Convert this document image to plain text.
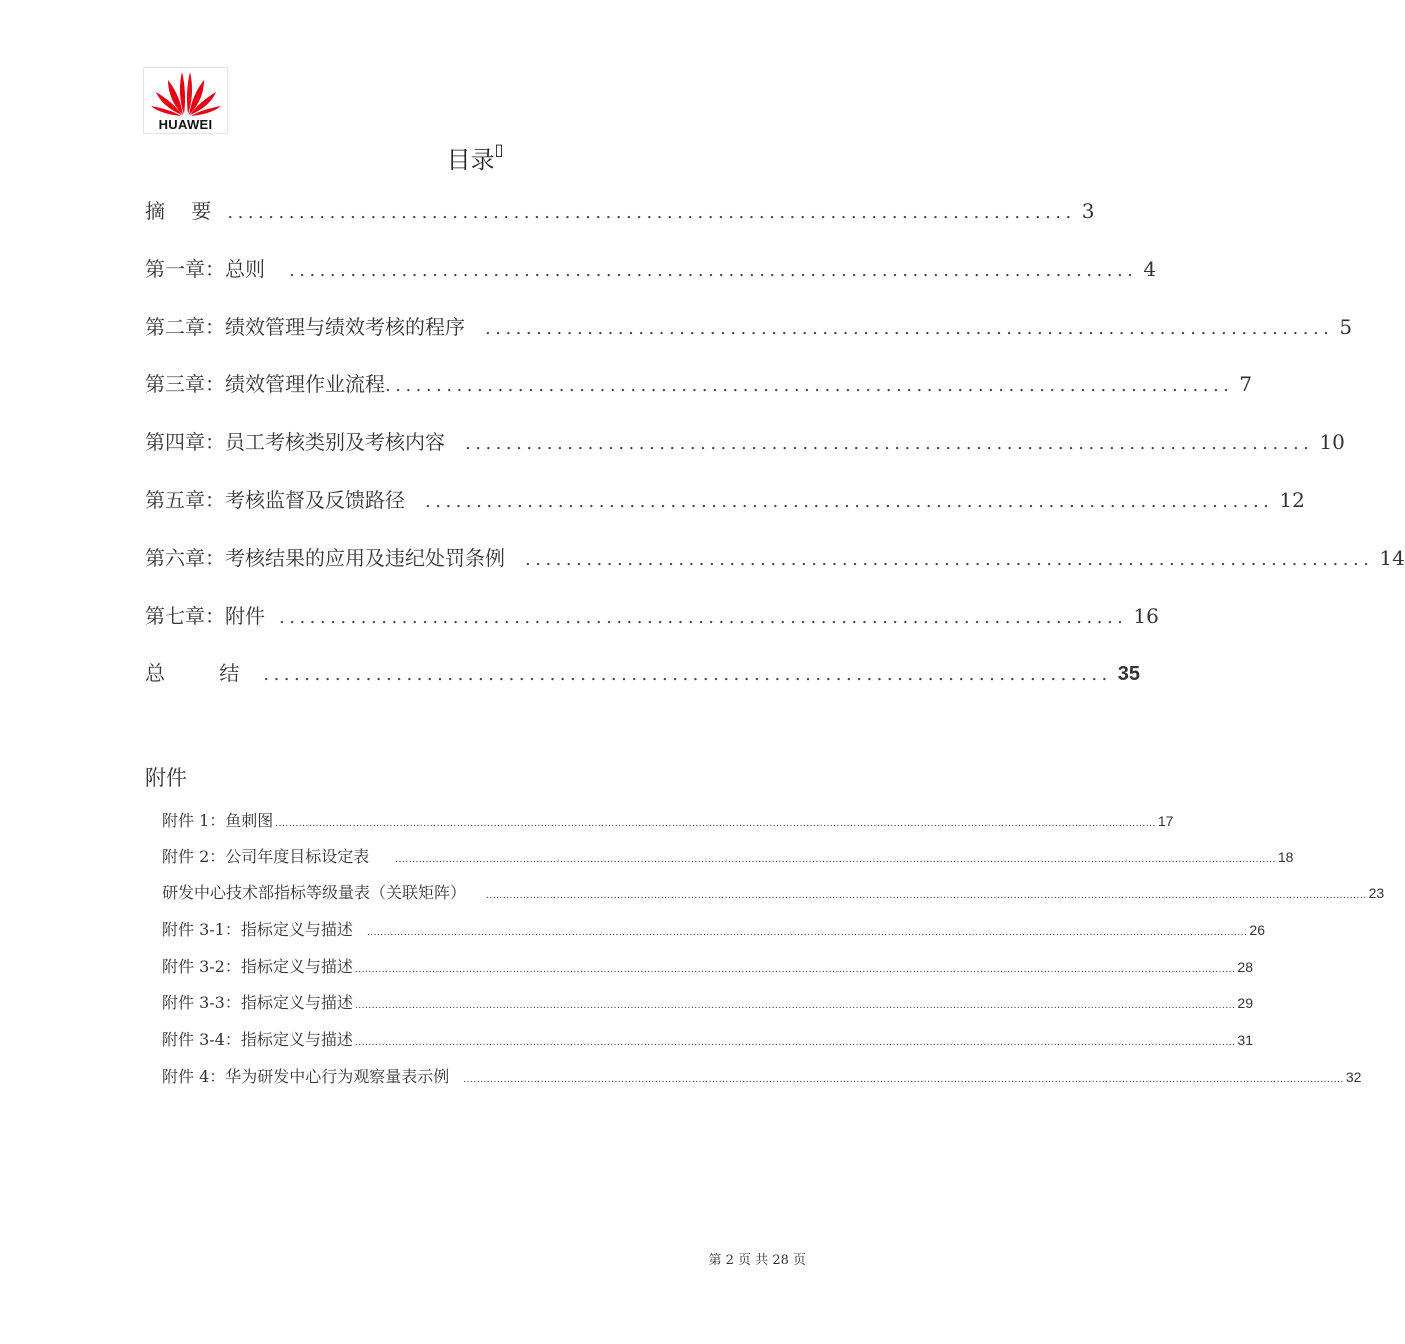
HUAWEI
目录▯
摘 要 ................................................................................... 3
第一章：总则 ................................................................................... 4
第二章：绩效管理与绩效考核的程序 ................................................................................... 5
第三章：绩效管理作业流程 ................................................................................... 7
第四章：员工考核类别及考核内容 ................................................................................... 10
第五章：考核监督及反馈路径 ................................................................................... 12
第六章：考核结果的应用及违纪处罚条例 ................................................................................... 14
第七章：附件 ................................................................................... 16
总 结 ................................................................................... 35
附件
附件 1：鱼刺图 ...................................................................................................................................................................................................................................................................... 17
附件 2：公司年度目标设定表	...................................................................................................................................................................................................................................................................... 18
研发中心技术部指标等级量表（关联矩阵） ...................................................................................................................................................................................................................................................................... 23
附件 3-1：指标定义与描述 ...................................................................................................................................................................................................................................................................... 26
附件 3-2：指标定义与描述 ...................................................................................................................................................................................................................................................................... 28
附件 3-3：指标定义与描述 ...................................................................................................................................................................................................................................................................... 29
附件 3-4：指标定义与描述 ...................................................................................................................................................................................................................................................................... 31
附件 4：华为研发中心行为观察量表示例 ...................................................................................................................................................................................................................................................................... 32
第 2 页 共 28 页
